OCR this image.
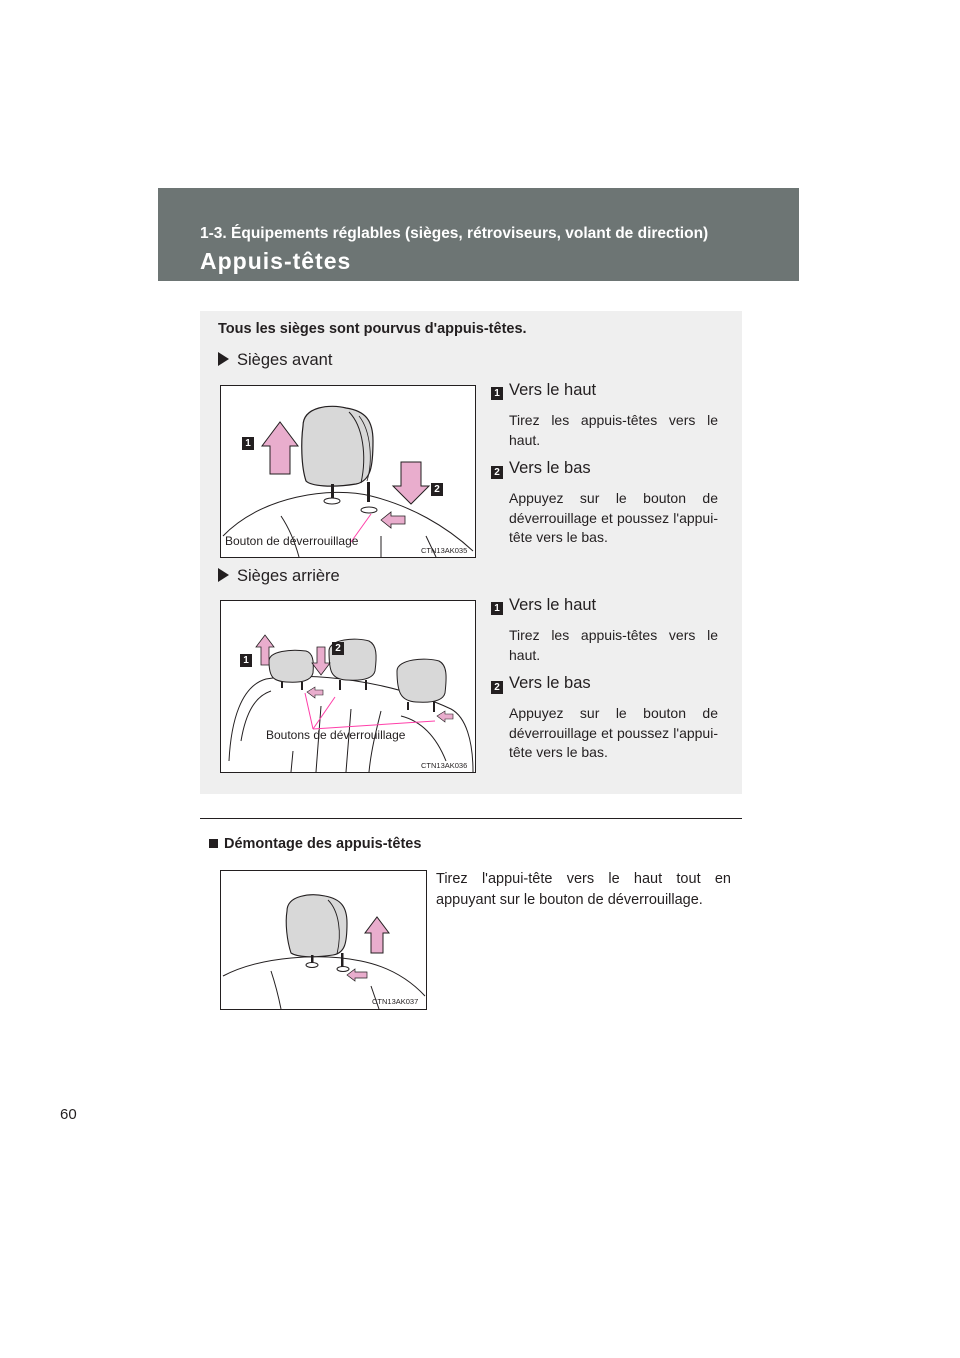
1-3. Équipements réglables (sièges, rétroviseurs, volant de direction)
Appuis-têtes
Tous les sièges sont pourvus d'appuis-têtes.
Sièges avant
1
2
Bouton de déverrouillage
CTN13AK035
1 Vers le haut
Tirez les appuis-têtes vers le haut.
2 Vers le bas
Appuyez sur le bouton de déverrouillage et poussez l'appui-tête vers le bas.
Sièges arrière
1
2
Boutons de déverrouillage
CTN13AK036
1 Vers le haut
Tirez les appuis-têtes vers le haut.
2 Vers le bas
Appuyez sur le bouton de déverrouillage et poussez l'appui-tête vers le bas.
Démontage des appuis-têtes
CTN13AK037
Tirez l'appui-tête vers le haut tout en appuyant sur le bouton de déverrouillage.
60
